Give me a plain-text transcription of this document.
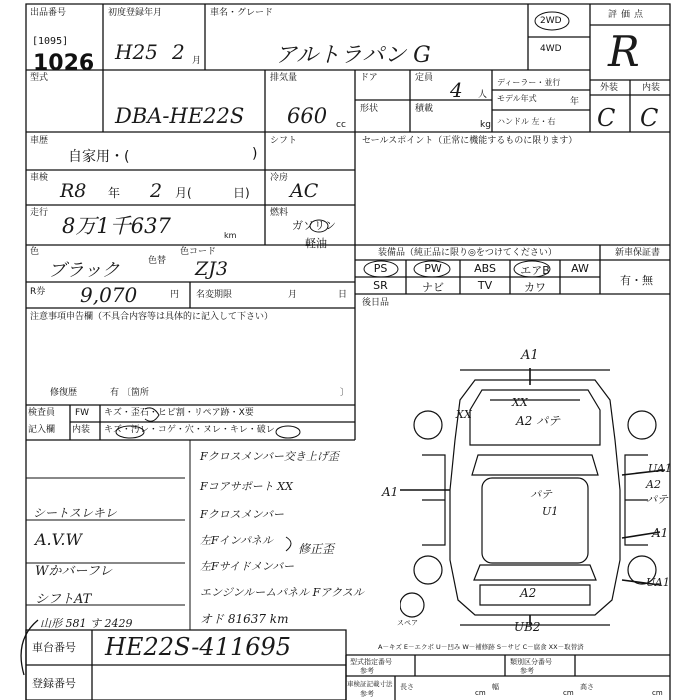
出品番号
[1095]
1026
初度登録年月
H25 2 月
車名・グレード
アルトラパン G
2WD
4WD
評価点
R
外装	内装
C C
型式
DBA-HE22S
排気量
660 cc
ドア
形状
定員 4 人
積載
kg
ディーラー・並行
モデル年式	年
ハンドル 左・右
車歴
自家用・(	)
シフト	セールスポイント（正常に機能するものに限ります）
車検
R8 年 2 月(	日)
冷房
AC
走行
8万1千637	km
燃料
ガソリン
軽油
色
ブラック	色替
色コード
ZJ3
R券 9,070	円 名変期限	月	日
装備品（純正品に限り◎をつけてください）	新車保証書
有・無
PS	PW	ABS	エアB	AW
SR	ナビ	TV	カワ
後日品
注意事項申告欄（不具合内容等は具体的に記入して下さい）
修復歴	有 〔箇所	〕
検査員
記入欄
FW キズ・歪石・ヒビ割・リペア跡・X要
内装 キズ・汚レ・コゲ・穴・ヌレ・キレ・破レ
Fクロスメンバー交き上げ歪
Fコアサポート XX
シートスレキレ	Fクロスメンバー
A.V.W	左Fインパネル
修正歪
Wかバーフレ	左Fサイドメンバー
シフトAT	エンジンルームパネル Fアクスル
オド 81637 km
A1
XX
A2 パテ
XX
A1
UA1
A2 パテ
A1
パテ
U1
UA1
A2
UB2
スペア
A－キズ E－エクボ U－凹み W－補修跡 S－サビ C－腐食 XX－取替済
山形 581 す 2429
車台番号 HE22S-411695
登録番号
型式指定番号
参考
類別区分番号
参考
車検証記載寸法
参考
長さ
cm
幅
cm
高さ
cm
